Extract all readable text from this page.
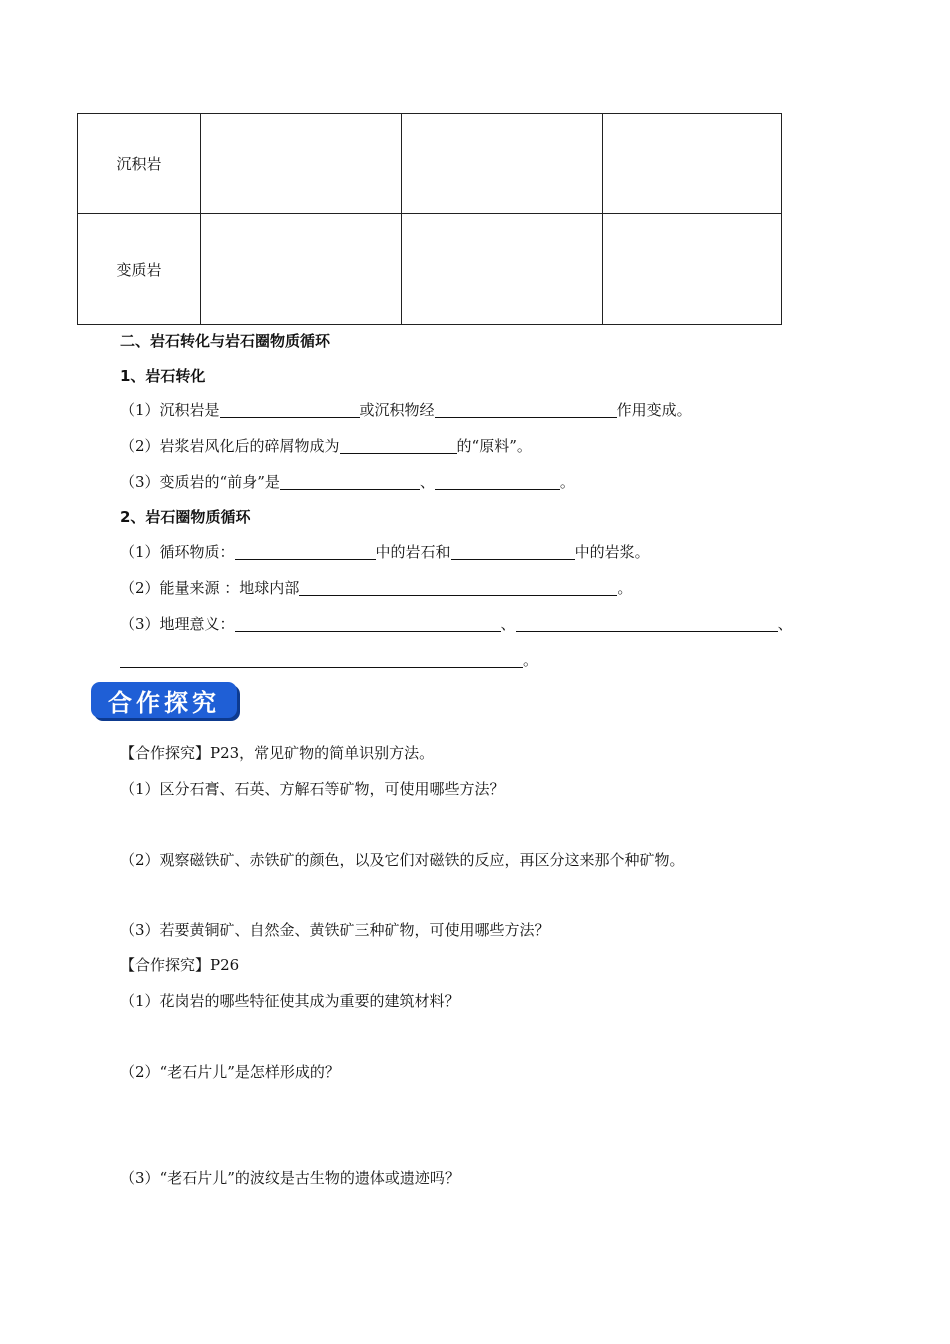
沉积岩			
变质岩			
二、岩石转化与岩石圈物质循环
1、岩石转化
（1）沉积岩是	或沉积物经	作用变成。
（2）岩浆岩风化后的碎屑物成为	的“原料”。
（3）变质岩的“前身”是	、	。
2、岩石圈物质循环
（1）循环物质：	中的岩石和	中的岩浆。
（2）能量来源 ：地球内部	。
（3）地理意义：	、	、
。
合作探究
【合作探究】P23，常见矿物的简单识别方法。
（1）区分石膏、石英、方解石等矿物，可使用哪些方法？
（2）观察磁铁矿、赤铁矿的颜色，以及它们对磁铁的反应，再区分这来那个种矿物。
（3）若要黄铜矿、自然金、黄铁矿三种矿物，可使用哪些方法？
【合作探究】P26
（1）花岗岩的哪些特征使其成为重要的建筑材料？
（2）“老石片儿”是怎样形成的？
（3）“老石片儿”的波纹是古生物的遗体或遗迹吗？
